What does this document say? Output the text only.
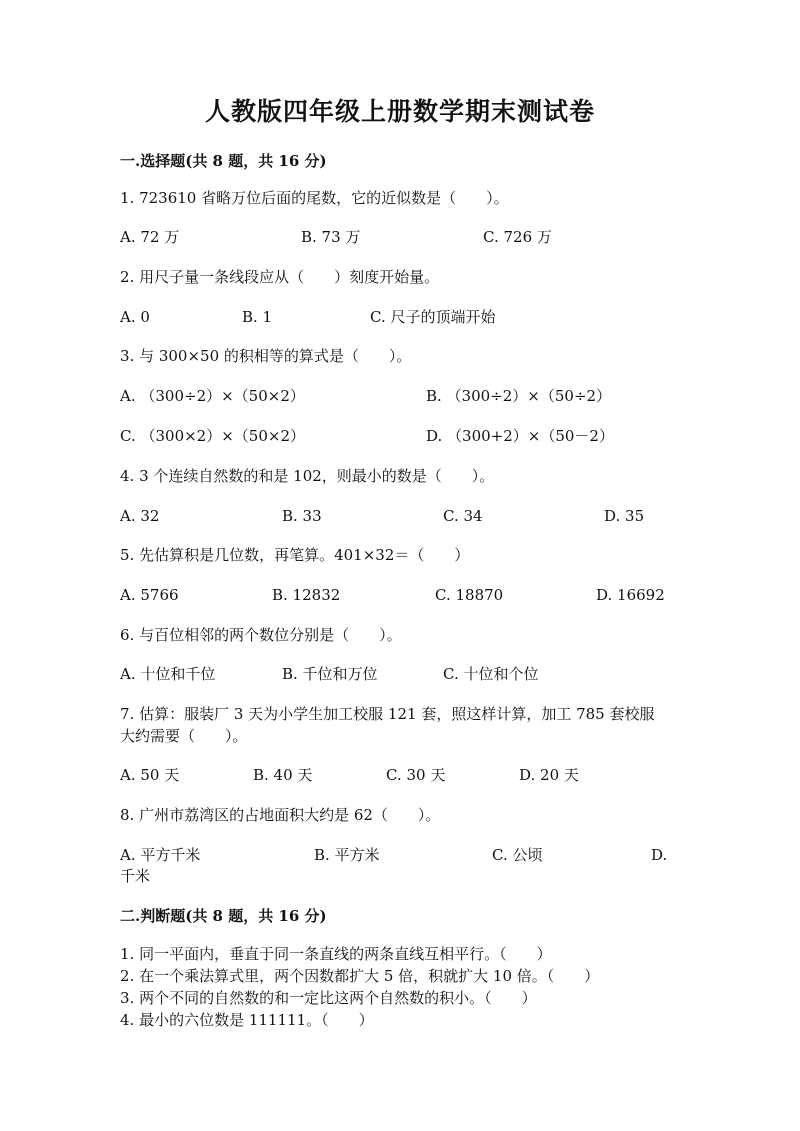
人教版四年级上册数学期末测试卷
一.选择题(共 8 题，共 16 分)
1. 723610 省略万位后面的尾数，它的近似数是（　　）。
A. 72 万	B. 73 万	C. 726 万
2. 用尺子量一条线段应从（　　）刻度开始量。
A. 0	B. 1	C. 尺子的顶端开始
3. 与 300×50 的积相等的算式是（　　）。
A. （300÷2）×（50×2）	B. （300÷2）×（50÷2）
C. （300×2）×（50×2）	D. （300+2）×（50－2）
4. 3 个连续自然数的和是 102，则最小的数是（　　）。
A. 32	B. 33	C. 34	D. 35
5. 先估算积是几位数，再笔算。401×32＝（　　）
A. 5766	B. 12832	C. 18870	D. 16692
6. 与百位相邻的两个数位分别是（　　）。
A. 十位和千位	B. 千位和万位	C. 十位和个位
7. 估算：服装厂 3 天为小学生加工校服 121 套，照这样计算，加工 785 套校服
大约需要（　　）。
A. 50 天	B. 40 天	C. 30 天	D. 20 天
8. 广州市荔湾区的占地面积大约是 62（　　）。
A. 平方千米	B. 平方米	C. 公顷	D.
千米
二.判断题(共 8 题，共 16 分)
1. 同一平面内，垂直于同一条直线的两条直线互相平行。（　　）
2. 在一个乘法算式里，两个因数都扩大 5 倍，积就扩大 10 倍。（　　）
3. 两个不同的自然数的和一定比这两个自然数的积小。（　　）
4. 最小的六位数是 111111。（　　）
